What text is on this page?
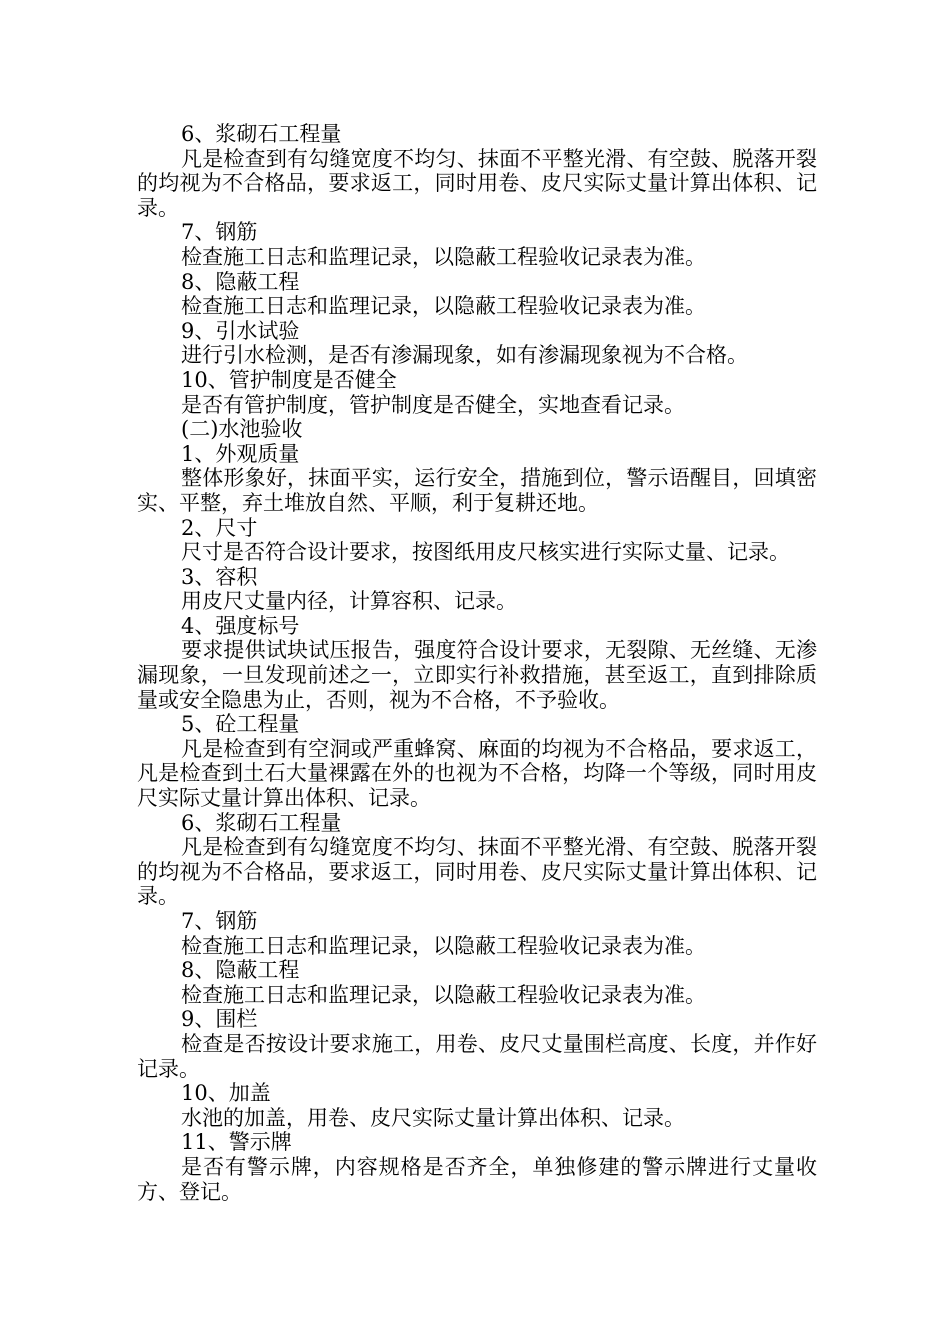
6、浆砌石工程量

凡是检查到有勾缝宽度不均匀、抹面不平整光滑、有空鼓、脱落开裂的均视为不合格品，要求返工，同时用卷、皮尺实际丈量计算出体积、记录。

7、钢筋

检查施工日志和监理记录，以隐蔽工程验收记录表为准。

8、隐蔽工程

检查施工日志和监理记录，以隐蔽工程验收记录表为准。

9、引水试验

进行引水检测，是否有渗漏现象，如有渗漏现象视为不合格。

10、管护制度是否健全

是否有管护制度，管护制度是否健全，实地查看记录。

(二)水池验收

1、外观质量

整体形象好，抹面平实，运行安全，措施到位，警示语醒目，回填密实、平整，弃土堆放自然、平顺，利于复耕还地。

2、尺寸

尺寸是否符合设计要求，按图纸用皮尺核实进行实际丈量、记录。

3、容积

用皮尺丈量内径，计算容积、记录。

4、强度标号

要求提供试块试压报告，强度符合设计要求，无裂隙、无丝缝、无渗漏现象，一旦发现前述之一，立即实行补救措施，甚至返工，直到排除质量或安全隐患为止，否则，视为不合格，不予验收。

5、砼工程量

凡是检查到有空洞或严重蜂窝、麻面的均视为不合格品，要求返工，凡是检查到土石大量裸露在外的也视为不合格，均降一个等级，同时用皮尺实际丈量计算出体积、记录。

6、浆砌石工程量

凡是检查到有勾缝宽度不均匀、抹面不平整光滑、有空鼓、脱落开裂的均视为不合格品，要求返工，同时用卷、皮尺实际丈量计算出体积、记录。

7、钢筋

检查施工日志和监理记录，以隐蔽工程验收记录表为准。

8、隐蔽工程

检查施工日志和监理记录，以隐蔽工程验收记录表为准。

9、围栏

检查是否按设计要求施工，用卷、皮尺丈量围栏高度、长度，并作好记录。

10、加盖

水池的加盖，用卷、皮尺实际丈量计算出体积、记录。

11、警示牌

是否有警示牌，内容规格是否齐全，单独修建的警示牌进行丈量收方、登记。
